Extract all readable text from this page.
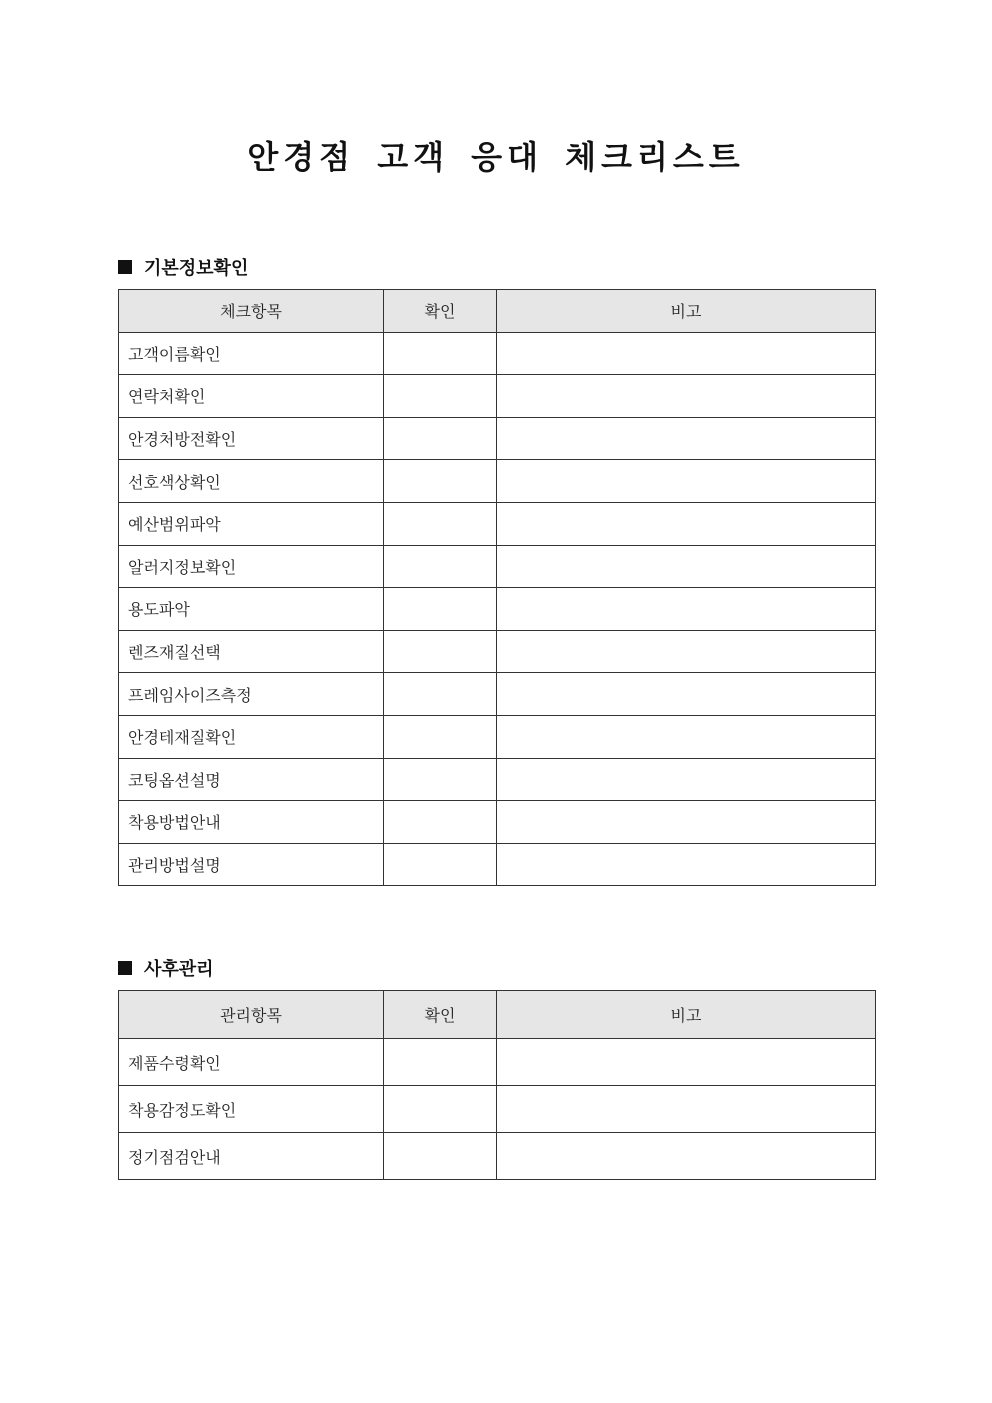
안경점 고객 응대 체크리스트
기본정보확인
체크항목	확인	비고
고객이름확인		
연락처확인		
안경처방전확인		
선호색상확인		
예산범위파악		
알러지정보확인		
용도파악		
렌즈재질선택		
프레임사이즈측정		
안경테재질확인		
코팅옵션설명		
착용방법안내		
관리방법설명		
사후관리
관리항목	확인	비고
제품수령확인		
착용감정도확인		
정기점검안내		
